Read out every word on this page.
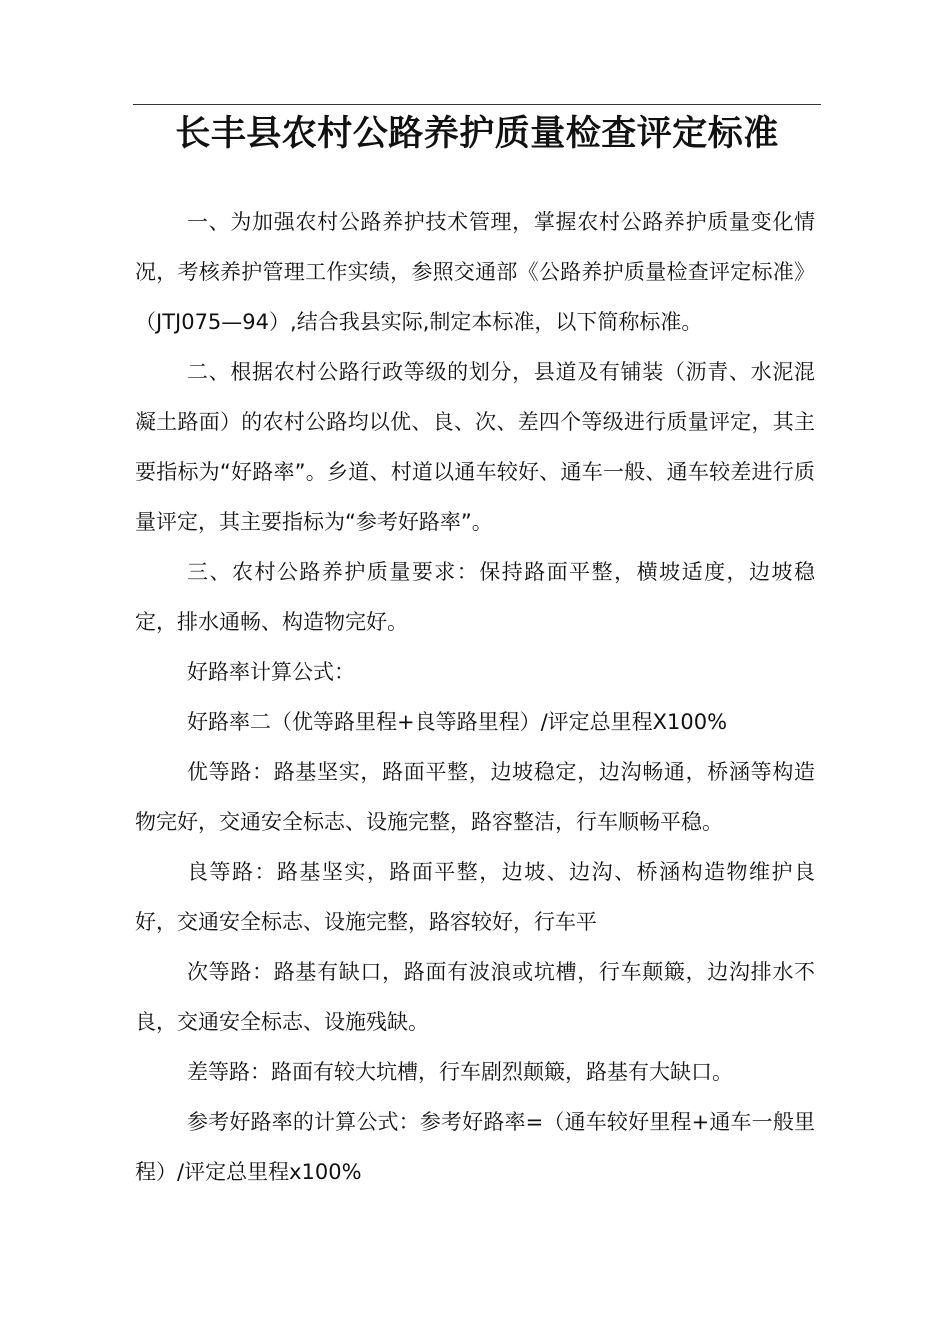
长丰县农村公路养护质量检查评定标准

一、为加强农村公路养护技术管理，掌握农村公路养护质量变化情况，考核养护管理工作实绩，参照交通部《公路养护质量检查评定标准》（JTJ075—94）,结合我县实际,制定本标准，以下简称标准。

二、根据农村公路行政等级的划分，县道及有铺装（沥青、水泥混凝土路面）的农村公路均以优、良、次、差四个等级进行质量评定，其主要指标为“好路率”。乡道、村道以通车较好、通车一般、通车较差进行质量评定，其主要指标为“参考好路率”。

三、农村公路养护质量要求：保持路面平整，横坡适度，边坡稳定，排水通畅、构造物完好。

好路率计算公式：

好路率二（优等路里程+良等路里程）/评定总里程X100%

优等路：路基坚实，路面平整，边坡稳定，边沟畅通，桥涵等构造物完好，交通安全标志、设施完整，路容整洁，行车顺畅平稳。

良等路：路基坚实，路面平整，边坡、边沟、桥涵构造物维护良好，交通安全标志、设施完整，路容较好，行车平

次等路：路基有缺口，路面有波浪或坑槽，行车颠簸，边沟排水不良，交通安全标志、设施残缺。

差等路：路面有较大坑槽，行车剧烈颠簸，路基有大缺口。

参考好路率的计算公式：参考好路率=（通车较好里程+通车一般里程）/评定总里程x100%
